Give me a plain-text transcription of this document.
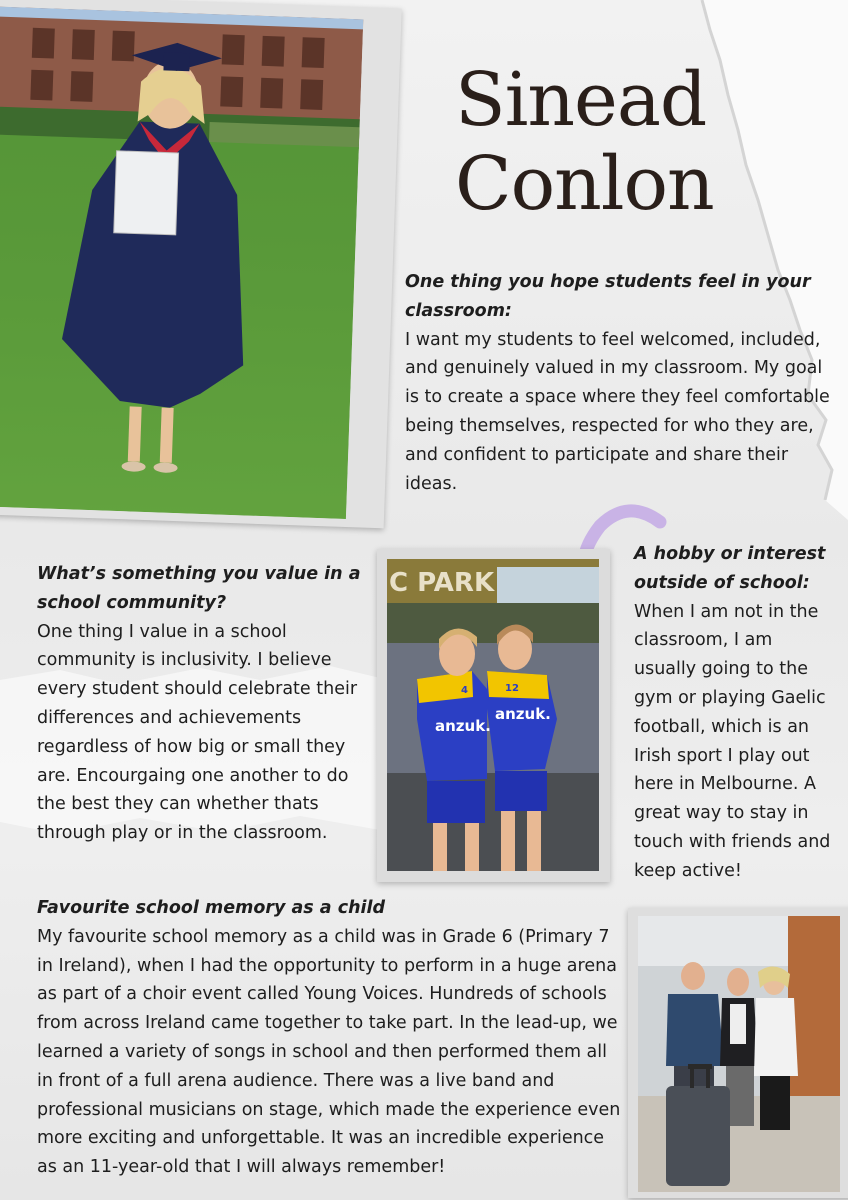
Sinead
Conlon

One thing you hope students feel in your classroom:

I want my students to feel welcomed, included, and genuinely valued in my classroom. My goal is to create a space where they feel comfortable being themselves, respected for who they are, and confident to participate and share their ideas.

What’s something you value in a school community?

One thing I value in a school community is inclusivity. I believe every student should celebrate their differences and achievements regardless of how big or small they are. Encourgaing one another to do the best they can whether thats through play or in the classroom.

C PARK
anzuk.
anzuk.
4	12

A hobby or interest outside of school:

When I am not in the classroom, I am usually going to the gym or playing Gaelic football, which is an Irish sport I play out here in Melbourne. A great way to stay in touch with friends and keep active!

Favourite school memory as a child

My favourite school memory as a child was in Grade 6 (Primary 7 in Ireland), when I had the opportunity to perform in a huge arena as part of a choir event called Young Voices. Hundreds of schools from across Ireland came together to take part. In the lead-up, we learned a variety of songs in school and then performed them all in front of a full arena audience. There was a live band and professional musicians on stage, which made the experience even more exciting and unforgettable. It was an incredible experience as an 11-year-old that I will always remember!
